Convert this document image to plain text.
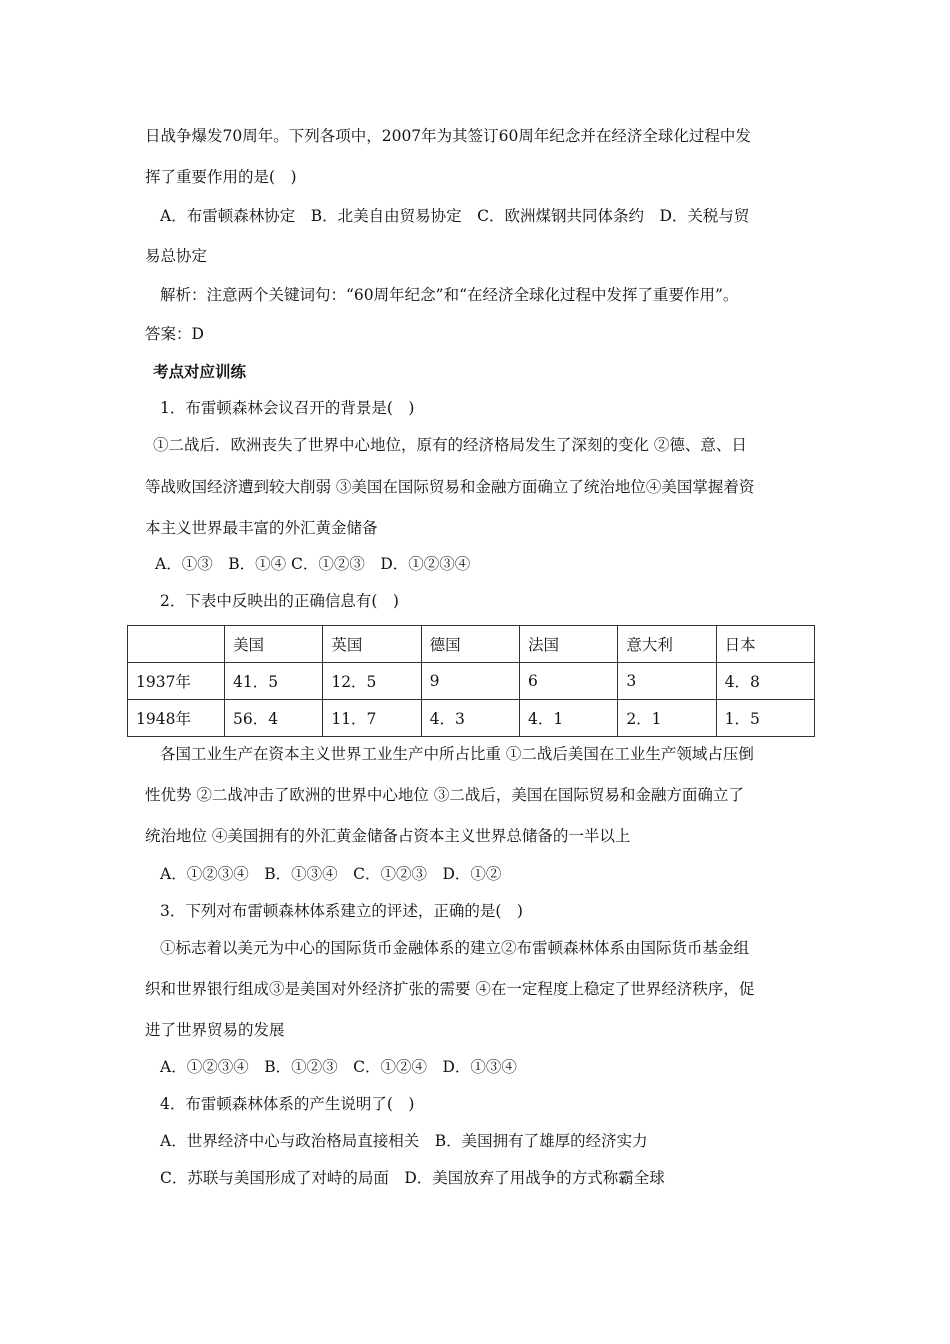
日战争爆发70周年。下列各项中，2007年为其签订60周年纪念并在经济全球化过程中发
挥了重要作用的是(　)
A．布雷顿森林协定　B．北美自由贸易协定　C．欧洲煤钢共同体条约　D．关税与贸
易总协定
解析：注意两个关键词句：“60周年纪念”和“在经济全球化过程中发挥了重要作用”。
答案：D
考点对应训练
1．布雷顿森林会议召开的背景是(　)
①二战后．欧洲丧失了世界中心地位，原有的经济格局发生了深刻的变化 ②德、意、日
等战败国经济遭到较大削弱 ③美国在国际贸易和金融方面确立了统治地位④美国掌握着资
本主义世界最丰富的外汇黄金储备
A．①③　B．①④ C．①②③　D．①②③④
2．下表中反映出的正确信息有(　)
	美国	英国	德国	法国	意大利	日本
1937年	41．5	12．5	9	6	3	4．8
1948年	56．4	11．7	4．3	4．1	2．1	1．5
各国工业生产在资本主义世界工业生产中所占比重 ①二战后美国在工业生产领域占压倒
性优势 ②二战冲击了欧洲的世界中心地位 ③二战后，美国在国际贸易和金融方面确立了
统治地位 ④美国拥有的外汇黄金储备占资本主义世界总储备的一半以上
A．①②③④　B．①③④　C．①②③　D．①②
3．下列对布雷顿森林体系建立的评述，正确的是(　)
①标志着以美元为中心的国际货币金融体系的建立②布雷顿森林体系由国际货币基金组
织和世界银行组成③是美国对外经济扩张的需要 ④在一定程度上稳定了世界经济秩序，促
进了世界贸易的发展
A．①②③④　B．①②③　C．①②④　D．①③④
4．布雷顿森林体系的产生说明了(　)
A．世界经济中心与政治格局直接相关　B．美国拥有了雄厚的经济实力
C．苏联与美国形成了对峙的局面　D．美国放弃了用战争的方式称霸全球
